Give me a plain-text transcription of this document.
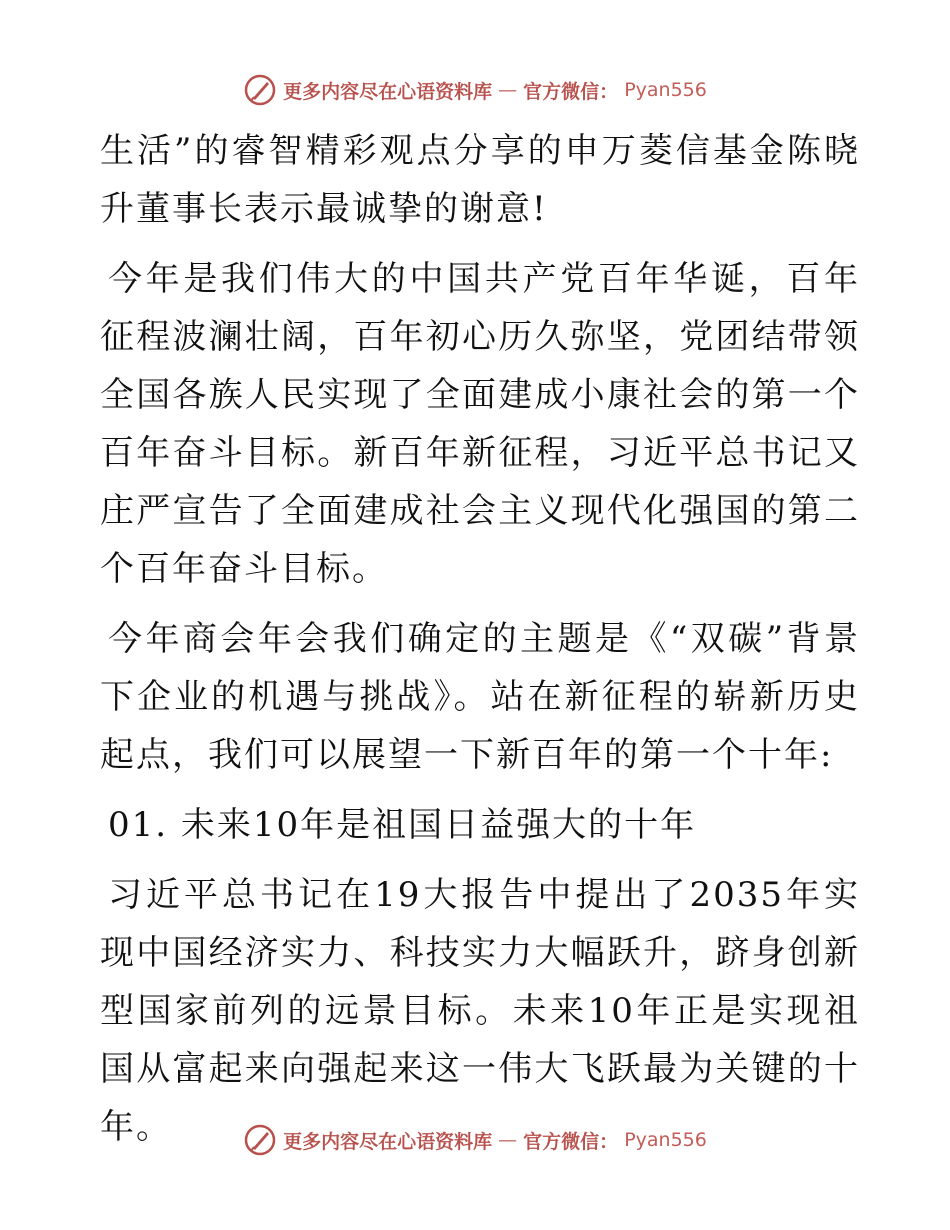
更多内容尽在心语资料库 — 官方微信： Pyan556

生活”的睿智精彩观点分享的申万菱信基金陈晓升董事长表示最诚挚的谢意!

今年是我们伟大的中国共产党百年华诞，百年征程波澜壮阔，百年初心历久弥坚，党团结带领全国各族人民实现了全面建成小康社会的第一个百年奋斗目标。新百年新征程，习近平总书记又庄严宣告了全面建成社会主义现代化强国的第二个百年奋斗目标。

今年商会年会我们确定的主题是《“双碳”背景下企业的机遇与挑战》。站在新征程的崭新历史起点，我们可以展望一下新百年的第一个十年:

01. 未来10年是祖国日益强大的十年

习近平总书记在19大报告中提出了2035年实现中国经济实力、科技实力大幅跃升，跻身创新型国家前列的远景目标。未来10年正是实现祖国从富起来向强起来这一伟大飞跃最为关键的十年。	更多内容尽在心语资料库 — 官方微信： Pyan556
